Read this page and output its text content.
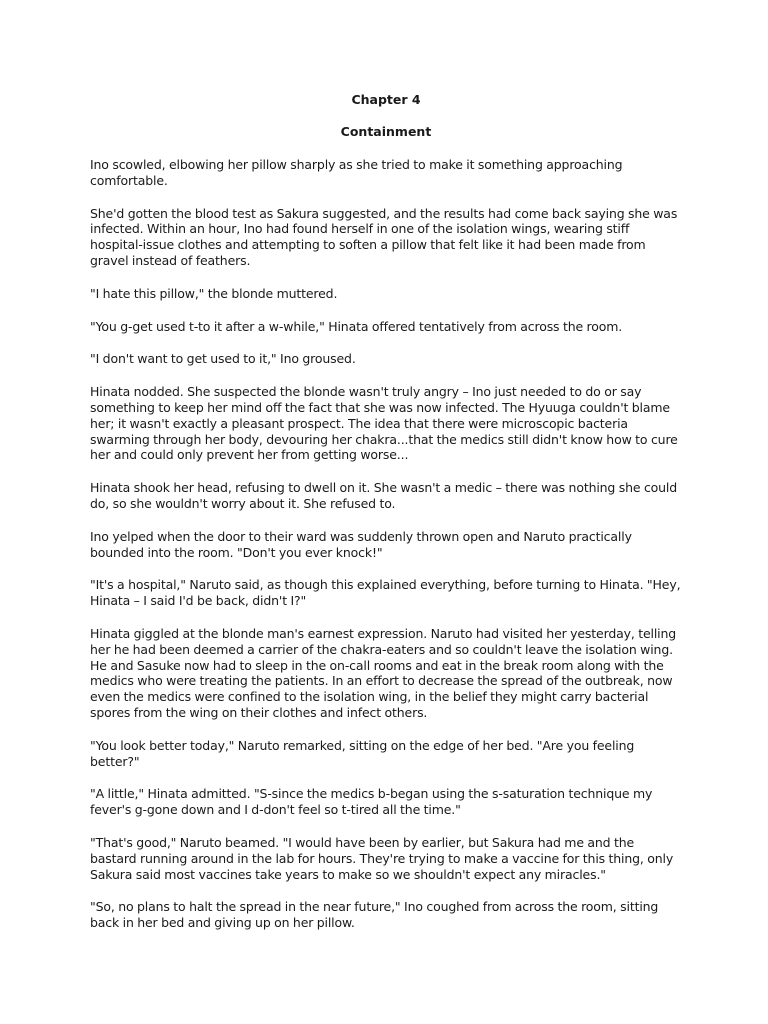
Chapter 4
Containment

Ino scowled, elbowing her pillow sharply as she tried to make it something approaching comfortable.

She'd gotten the blood test as Sakura suggested, and the results had come back saying she was infected. Within an hour, Ino had found herself in one of the isolation wings, wearing stiff hospital-issue clothes and attempting to soften a pillow that felt like it had been made from gravel instead of feathers.

"I hate this pillow," the blonde muttered.

"You g-get used t-to it after a w-while," Hinata offered tentatively from across the room.

"I don't want to get used to it," Ino groused.

Hinata nodded. She suspected the blonde wasn't truly angry – Ino just needed to do or say something to keep her mind off the fact that she was now infected. The Hyuuga couldn't blame her; it wasn't exactly a pleasant prospect. The idea that there were microscopic bacteria swarming through her body, devouring her chakra...that the medics still didn't know how to cure her and could only prevent her from getting worse...

Hinata shook her head, refusing to dwell on it. She wasn't a medic – there was nothing she could do, so she wouldn't worry about it. She refused to.

Ino yelped when the door to their ward was suddenly thrown open and Naruto practically bounded into the room. "Don't you ever knock!"

"It's a hospital," Naruto said, as though this explained everything, before turning to Hinata. "Hey, Hinata – I said I'd be back, didn't I?"

Hinata giggled at the blonde man's earnest expression. Naruto had visited her yesterday, telling her he had been deemed a carrier of the chakra-eaters and so couldn't leave the isolation wing. He and Sasuke now had to sleep in the on-call rooms and eat in the break room along with the medics who were treating the patients. In an effort to decrease the spread of the outbreak, now even the medics were confined to the isolation wing, in the belief they might carry bacterial spores from the wing on their clothes and infect others.

"You look better today," Naruto remarked, sitting on the edge of her bed. "Are you feeling better?"

"A little," Hinata admitted. "S-since the medics b-began using the s-saturation technique my fever's g-gone down and I d-don't feel so t-tired all the time."

"That's good," Naruto beamed. "I would have been by earlier, but Sakura had me and the bastard running around in the lab for hours. They're trying to make a vaccine for this thing, only Sakura said most vaccines take years to make so we shouldn't expect any miracles."

"So, no plans to halt the spread in the near future," Ino coughed from across the room, sitting back in her bed and giving up on her pillow.
